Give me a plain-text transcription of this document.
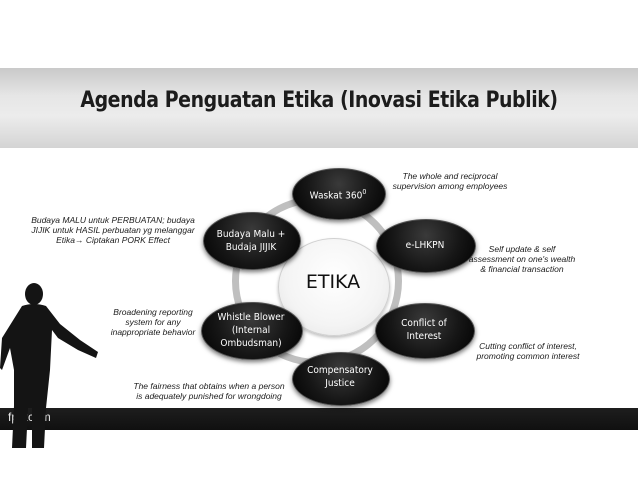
Agenda Penguatan Etika (Inovasi Etika Publik)
fpptcom
ETIKA
Waskat $360^0$
e-LHKPN
Conflict of
Interest
Compensatory
Justice
Whistle Blower
(Internal
Ombudsman)
Budaya Malu +
Budaja JIJIK
The whole and reciprocal
supervision among employees
Self update & self
assessment on one's wealth
& financial transaction
Cutting conflict of interest,
promoting common interest
The fairness that obtains when a person
is adequately punished for wrongdoing
Broadening reporting
system for any
inappropriate behavior
Budaya MALU untuk PERBUATAN; budaya
JIJIK untuk HASIL perbuatan yg melanggar
Etika→ Ciptakan PORK Effect
